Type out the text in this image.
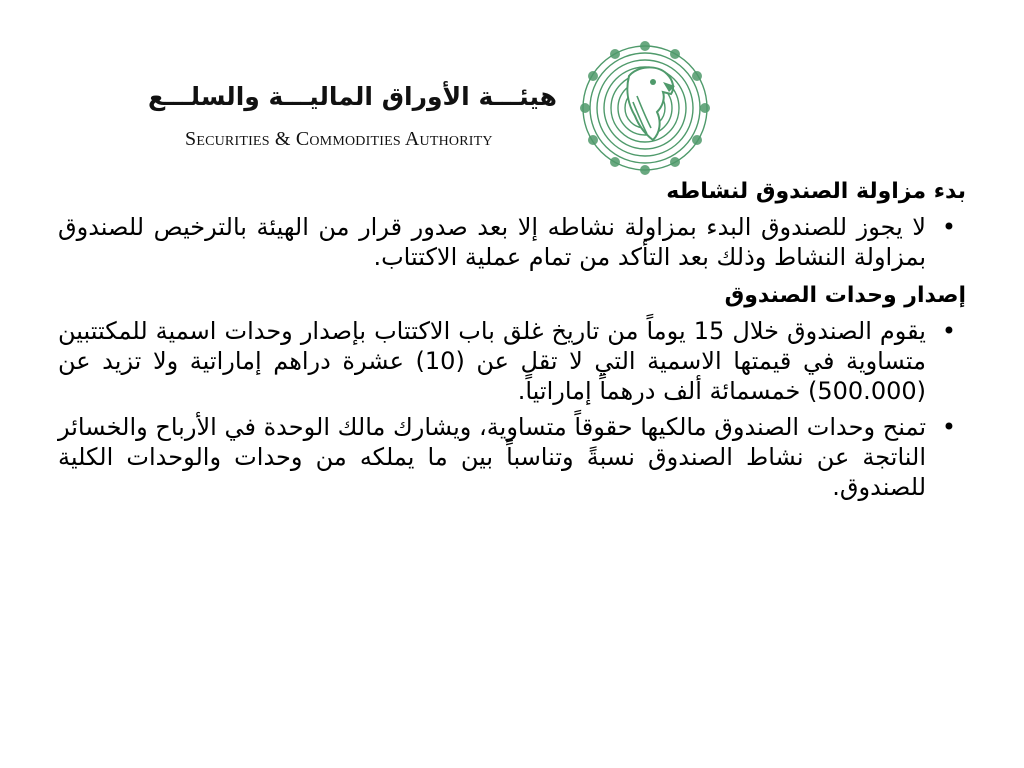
هيئـــة الأوراق الماليـــة والسلـــع
Securities & Commodities Authority
بدء مزاولة الصندوق لنشاطه
•
لا يجوز للصندوق البدء بمزاولة نشاطه إلا بعد صدور قرار من الهيئة بالترخيص للصندوق بمزاولة النشاط وذلك بعد التأكد من تمام عملية الاكتتاب.
إصدار وحدات الصندوق
•
يقوم الصندوق خلال 15 يوماً من تاريخ غلق باب الاكتتاب بإصدار وحدات اسمية للمكتتبين متساوية في قيمتها الاسمية التي لا تقل عن (10) عشرة دراهم إماراتية ولا تزيد عن (500.000) خمسمائة ألف درهماً إماراتياً.
•
تمنح وحدات الصندوق مالكيها حقوقاً متساوية، ويشارك مالك الوحدة في الأرباح والخسائر الناتجة عن نشاط الصندوق نسبةً وتناسباً بين ما يملكه من وحدات والوحدات الكلية للصندوق.
